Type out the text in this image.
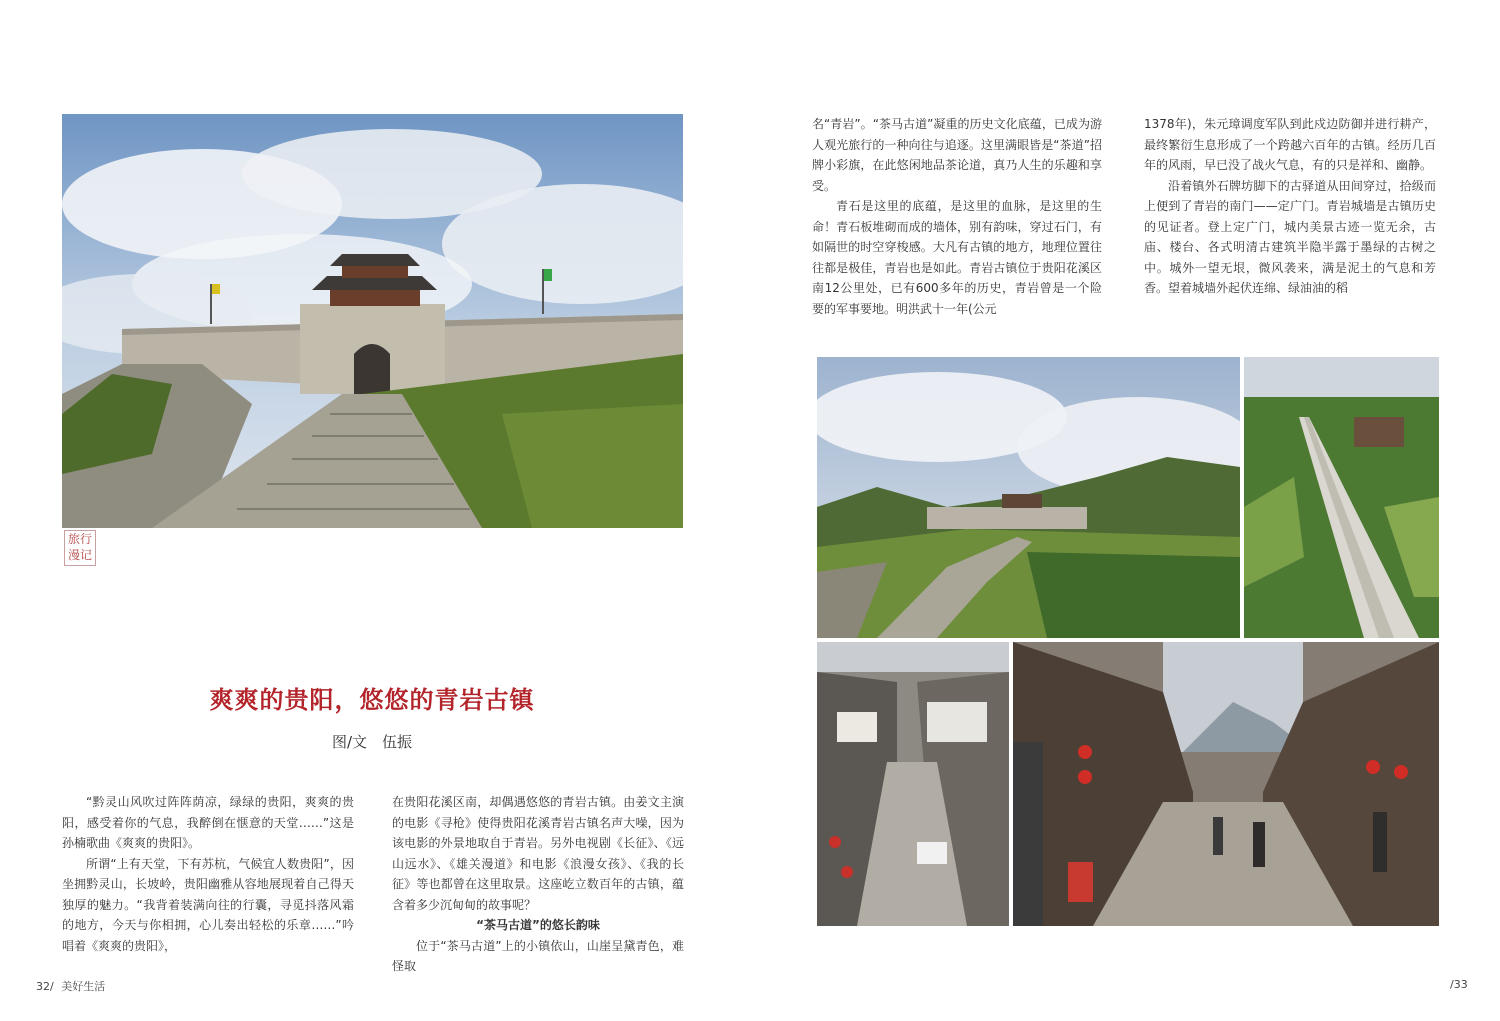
旅行
漫记
爽爽的贵阳，悠悠的青岩古镇
图/文　伍振

“黔灵山风吹过阵阵荫凉，绿绿的贵阳，爽爽的贵阳，感受着你的气息，我醉倒在惬意的天堂……”这是孙楠歌曲《爽爽的贵阳》。

所谓“上有天堂，下有苏杭，气候宜人数贵阳”，因坐拥黔灵山，长坡岭，贵阳幽雅从容地展现着自己得天独厚的魅力。“我背着装满向往的行囊，寻觅抖落风霜的地方，今天与你相拥，心儿奏出轻松的乐章……”吟唱着《爽爽的贵阳》，

在贵阳花溪区南，却偶遇悠悠的青岩古镇。由姜文主演的电影《寻枪》使得贵阳花溪青岩古镇名声大噪，因为该电影的外景地取自于青岩。另外电视剧《长征》、《远山远水》、《雄关漫道》和电影《浪漫女孩》、《我的长征》等也都曾在这里取景。这座屹立数百年的古镇，蕴含着多少沉甸甸的故事呢？

“茶马古道”的悠长韵味

位于“茶马古道”上的小镇依山，山崖呈黛青色，难怪取

32/ 美好生活

名“青岩”。“茶马古道”凝重的历史文化底蕴，已成为游人观光旅行的一种向往与追逐。这里满眼皆是“茶道”招牌小彩旗，在此悠闲地品茶论道，真乃人生的乐趣和享受。

青石是这里的底蕴，是这里的血脉，是这里的生命！青石板堆砌而成的墙体，别有韵味，穿过石门，有如隔世的时空穿梭感。大凡有古镇的地方，地理位置往往都是极佳，青岩也是如此。青岩古镇位于贵阳花溪区南12公里处，已有600多年的历史，青岩曾是一个险要的军事要地。明洪武十一年(公元

1378年)，朱元璋调度军队到此戍边防御并进行耕产，最终繁衍生息形成了一个跨越六百年的古镇。经历几百年的风雨，早已没了战火气息，有的只是祥和、幽静。

沿着镇外石牌坊脚下的古驿道从田间穿过，拾级而上便到了青岩的南门——定广门。青岩城墙是古镇历史的见证者。登上定广门，城内美景古迹一览无余，古庙、楼台、各式明清古建筑半隐半露于墨绿的古树之中。城外一望无垠，微风袭来，满是泥土的气息和芳香。望着城墙外起伏连绵、绿油油的稻

/33
